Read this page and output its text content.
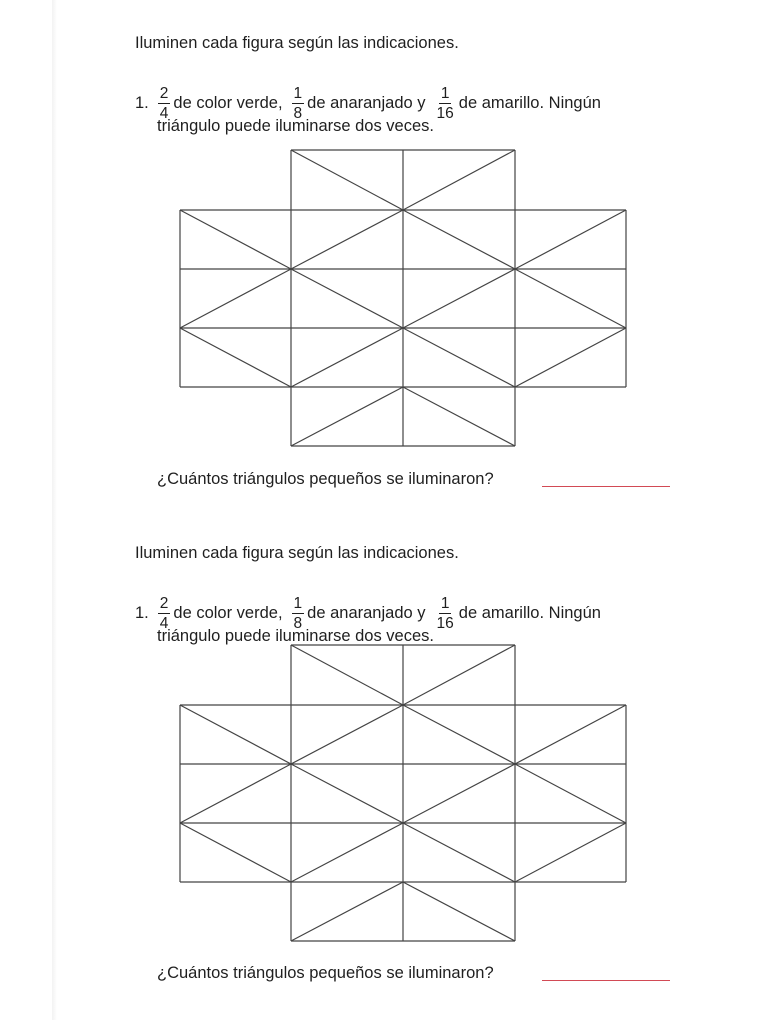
Iluminen cada figura según las indicaciones.
1. $\frac{2}{4}$ de color verde, $\frac{1}{8}$ de anaranjado y $\frac{1}{16}$ de amarillo. Ningún
triángulo puede iluminarse dos veces.
¿Cuántos triángulos pequeños se iluminaron?
Iluminen cada figura según las indicaciones.
1. $\frac{2}{4}$ de color verde, $\frac{1}{8}$ de anaranjado y $\frac{1}{16}$ de amarillo. Ningún
triángulo puede iluminarse dos veces.
¿Cuántos triángulos pequeños se iluminaron?
